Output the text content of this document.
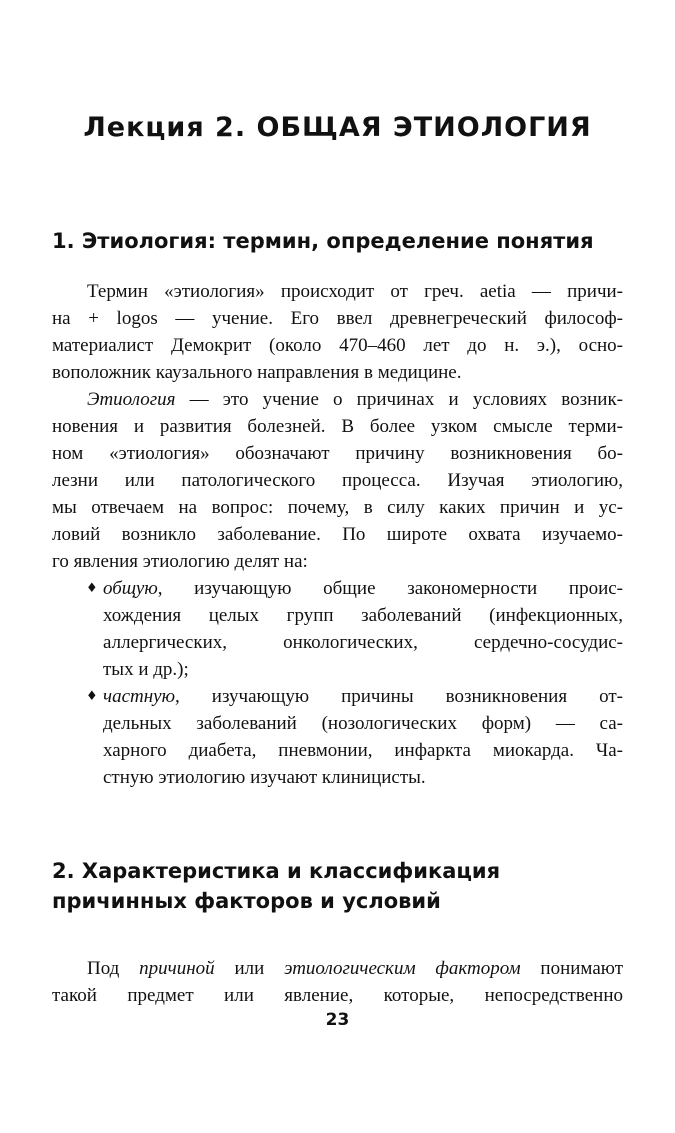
Лекция 2. ОБЩАЯ ЭТИОЛОГИЯ
1. Этиология: термин, определение понятия
Термин «этиология» происходит от греч. aetia — причи-
на + logos — учение. Его ввел древнегреческий философ-
материалист Демокрит (около 470–460 лет до н. э.), осно-
воположник каузального направления в медицине.
Этиология — это учение о причинах и условиях возник-
новения и развития болезней. В более узком смысле терми-
ном «этиология» обозначают причину возникновения бо-
лезни или патологического процесса. Изучая этиологию,
мы отвечаем на вопрос: почему, в силу каких причин и ус-
ловий возникло заболевание. По широте охвата изучаемо-
го явления этиологию делят на:
♦ общую, изучающую общие закономерности проис-
хождения целых групп заболеваний (инфекционных,
аллергических, онкологических, сердечно-сосудис-
тых и др.);
♦ частную, изучающую причины возникновения от-
дельных заболеваний (нозологических форм) — са-
харного диабета, пневмонии, инфаркта миокарда. Ча-
стную этиологию изучают клиницисты.
2. Характеристика и классификация
причинных факторов и условий
Под причиной или этиологическим фактором понимают
такой предмет или явление, которые, непосредственно
23
